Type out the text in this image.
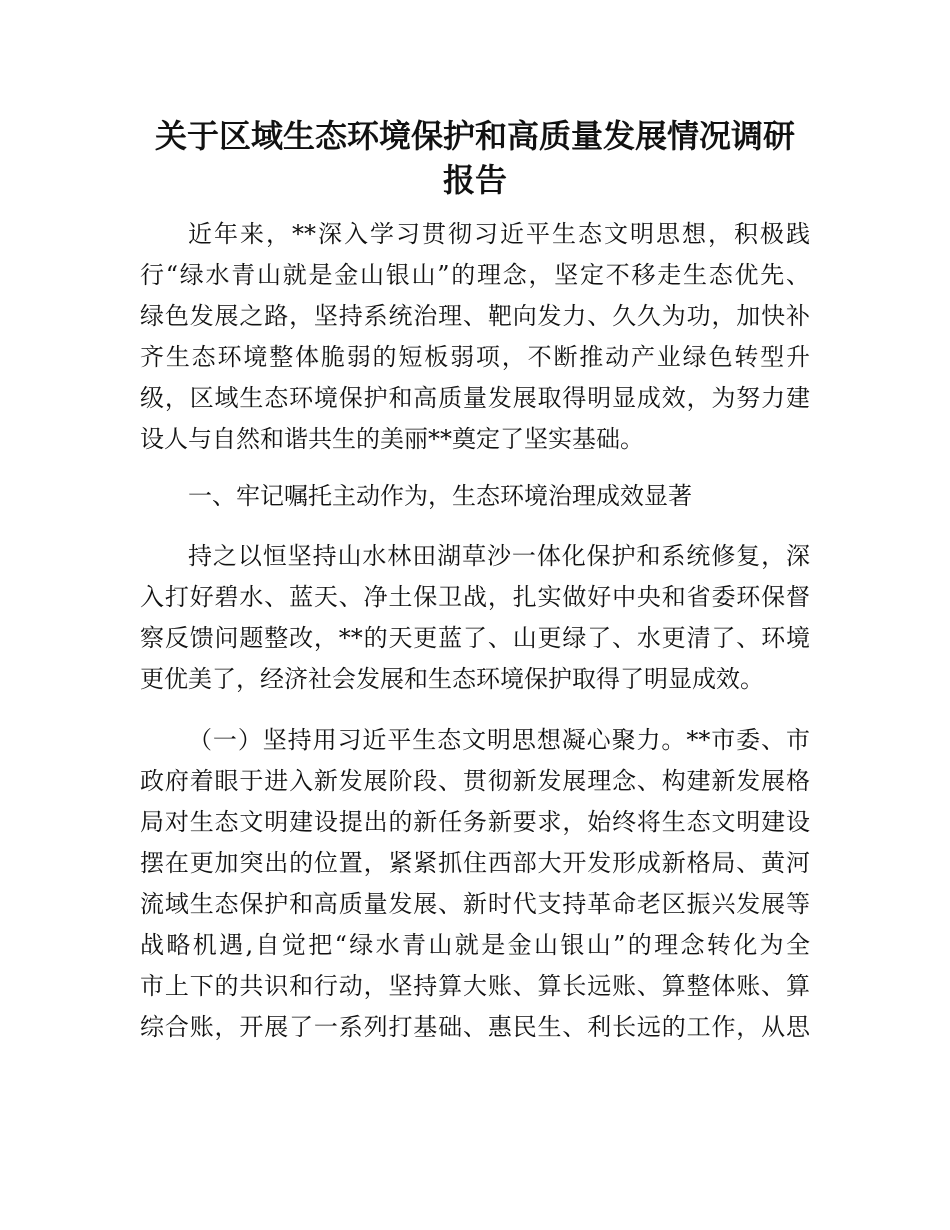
关于区域生态环境保护和高质量发展情况调研
报告
近年来，**深入学习贯彻习近平生态文明思想，积极践
行“绿水青山就是金山银山”的理念，坚定不移走生态优先、
绿色发展之路，坚持系统治理、靶向发力、久久为功，加快补
齐生态环境整体脆弱的短板弱项，不断推动产业绿色转型升
级，区域生态环境保护和高质量发展取得明显成效，为努力建
设人与自然和谐共生的美丽**奠定了坚实基础。
一、牢记嘱托主动作为，生态环境治理成效显著
持之以恒坚持山水林田湖草沙一体化保护和系统修复，深
入打好碧水、蓝天、净土保卫战，扎实做好中央和省委环保督
察反馈问题整改，**的天更蓝了、山更绿了、水更清了、环境
更优美了，经济社会发展和生态环境保护取得了明显成效。
（一）坚持用习近平生态文明思想凝心聚力。**市委、市
政府着眼于进入新发展阶段、贯彻新发展理念、构建新发展格
局对生态文明建设提出的新任务新要求，始终将生态文明建设
摆在更加突出的位置，紧紧抓住西部大开发形成新格局、黄河
流域生态保护和高质量发展、新时代支持革命老区振兴发展等
战略机遇,自觉把“绿水青山就是金山银山”的理念转化为全
市上下的共识和行动，坚持算大账、算长远账、算整体账、算
综合账，开展了一系列打基础、惠民生、利长远的工作，从思
